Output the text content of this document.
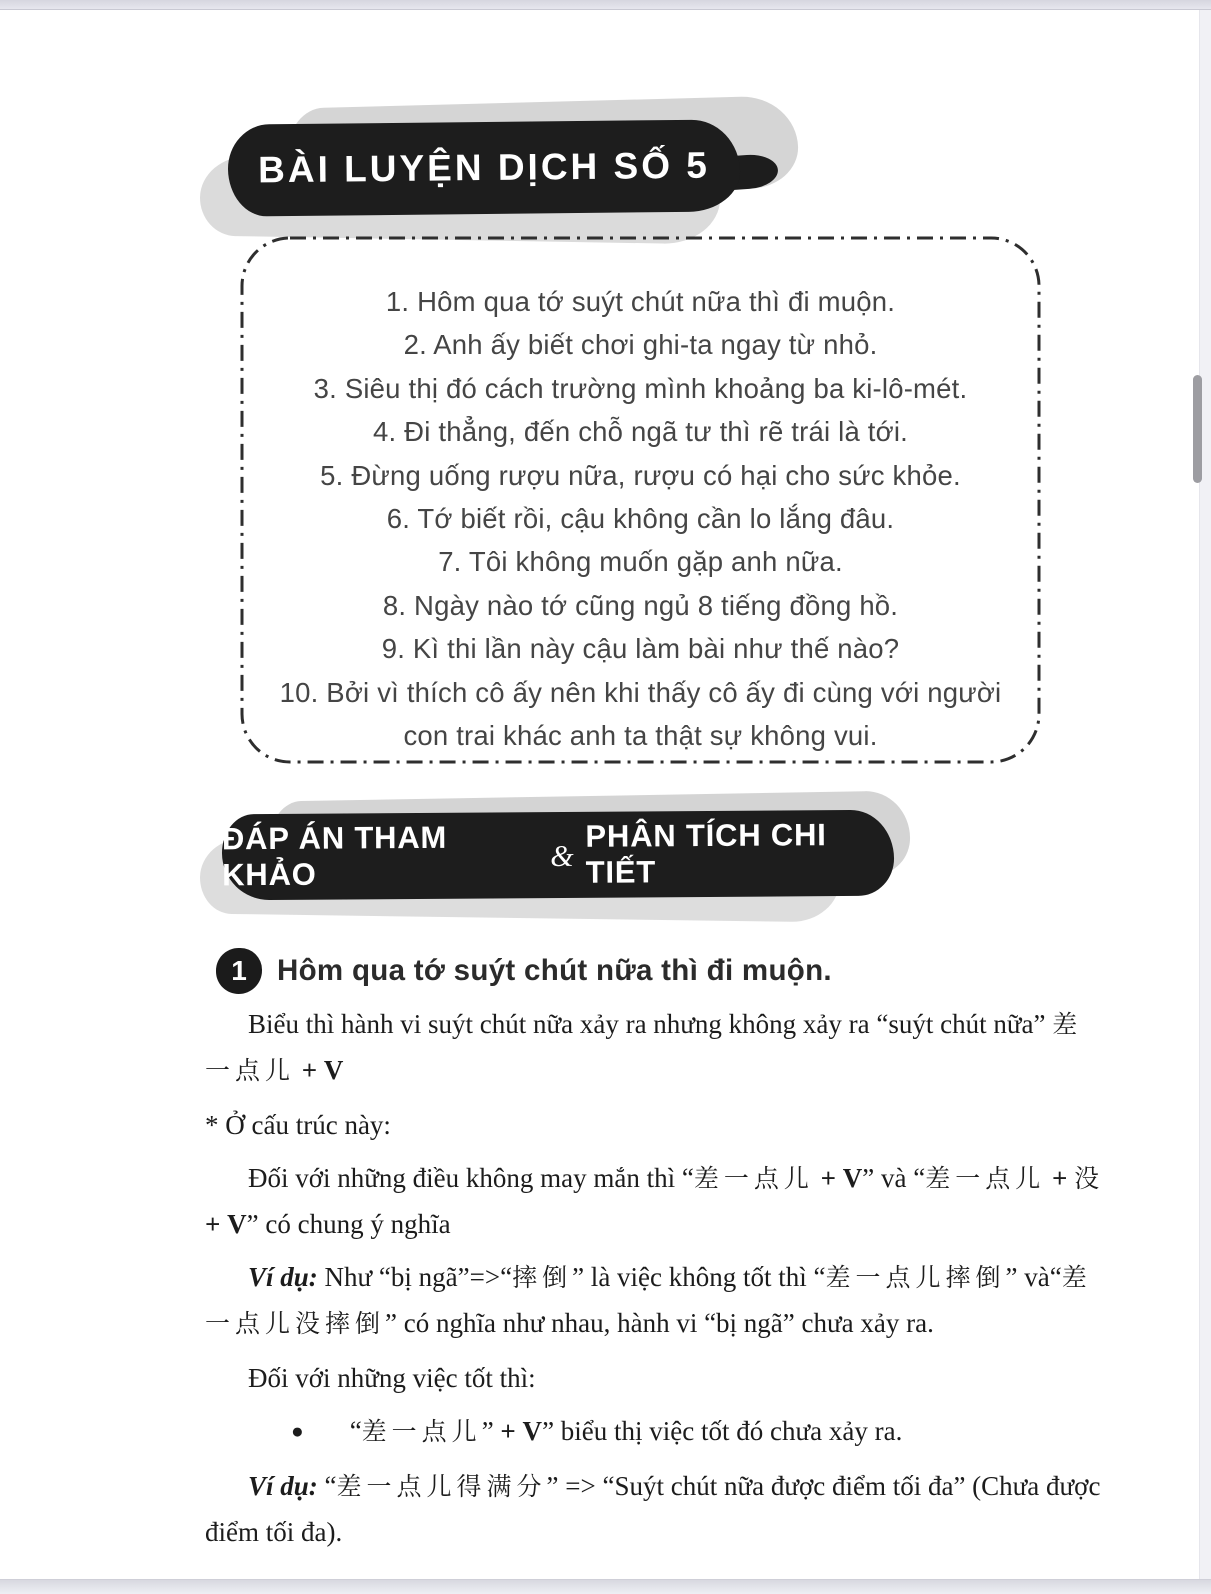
BÀI LUYỆN DỊCH SỐ 5
1. Hôm qua tớ suýt chút nữa thì đi muộn.
2. Anh ấy biết chơi ghi-ta ngay từ nhỏ.
3. Siêu thị đó cách trường mình khoảng ba ki-lô-mét.
4. Đi thẳng, đến chỗ ngã tư thì rẽ trái là tới.
5. Đừng uống rượu nữa, rượu có hại cho sức khỏe.
6. Tớ biết rồi, cậu không cần lo lắng đâu.
7. Tôi không muốn gặp anh nữa.
8. Ngày nào tớ cũng ngủ 8 tiếng đồng hồ.
9. Kì thi lần này cậu làm bài như thế nào?
10. Bởi vì thích cô ấy nên khi thấy cô ấy đi cùng với người con trai khác anh ta thật sự không vui.
ĐÁP ÁN THAM KHẢO
&
PHÂN TÍCH CHI TIẾT
1 Hôm qua tớ suýt chút nữa thì đi muộn.

Biểu thì hành vi suýt chút nữa xảy ra nhưng không xảy ra “suýt chút nữa” 差一点儿 + V

* Ở cấu trúc này:

Đối với những điều không may mắn thì “差一点儿 + V” và “差一点儿 + 没 + V” có chung ý nghĩa

Ví dụ: Như “bị ngã”=>“摔倒” là việc không tốt thì “差一点儿摔倒” và“差一点儿没摔倒” có nghĩa như nhau, hành vi “bị ngã” chưa xảy ra.

Đối với những việc tốt thì:

● “差一点儿” + V” biểu thị việc tốt đó chưa xảy ra.

Ví dụ: “差一点儿得满分” => “Suýt chút nữa được điểm tối đa” (Chưa được điểm tối đa).
